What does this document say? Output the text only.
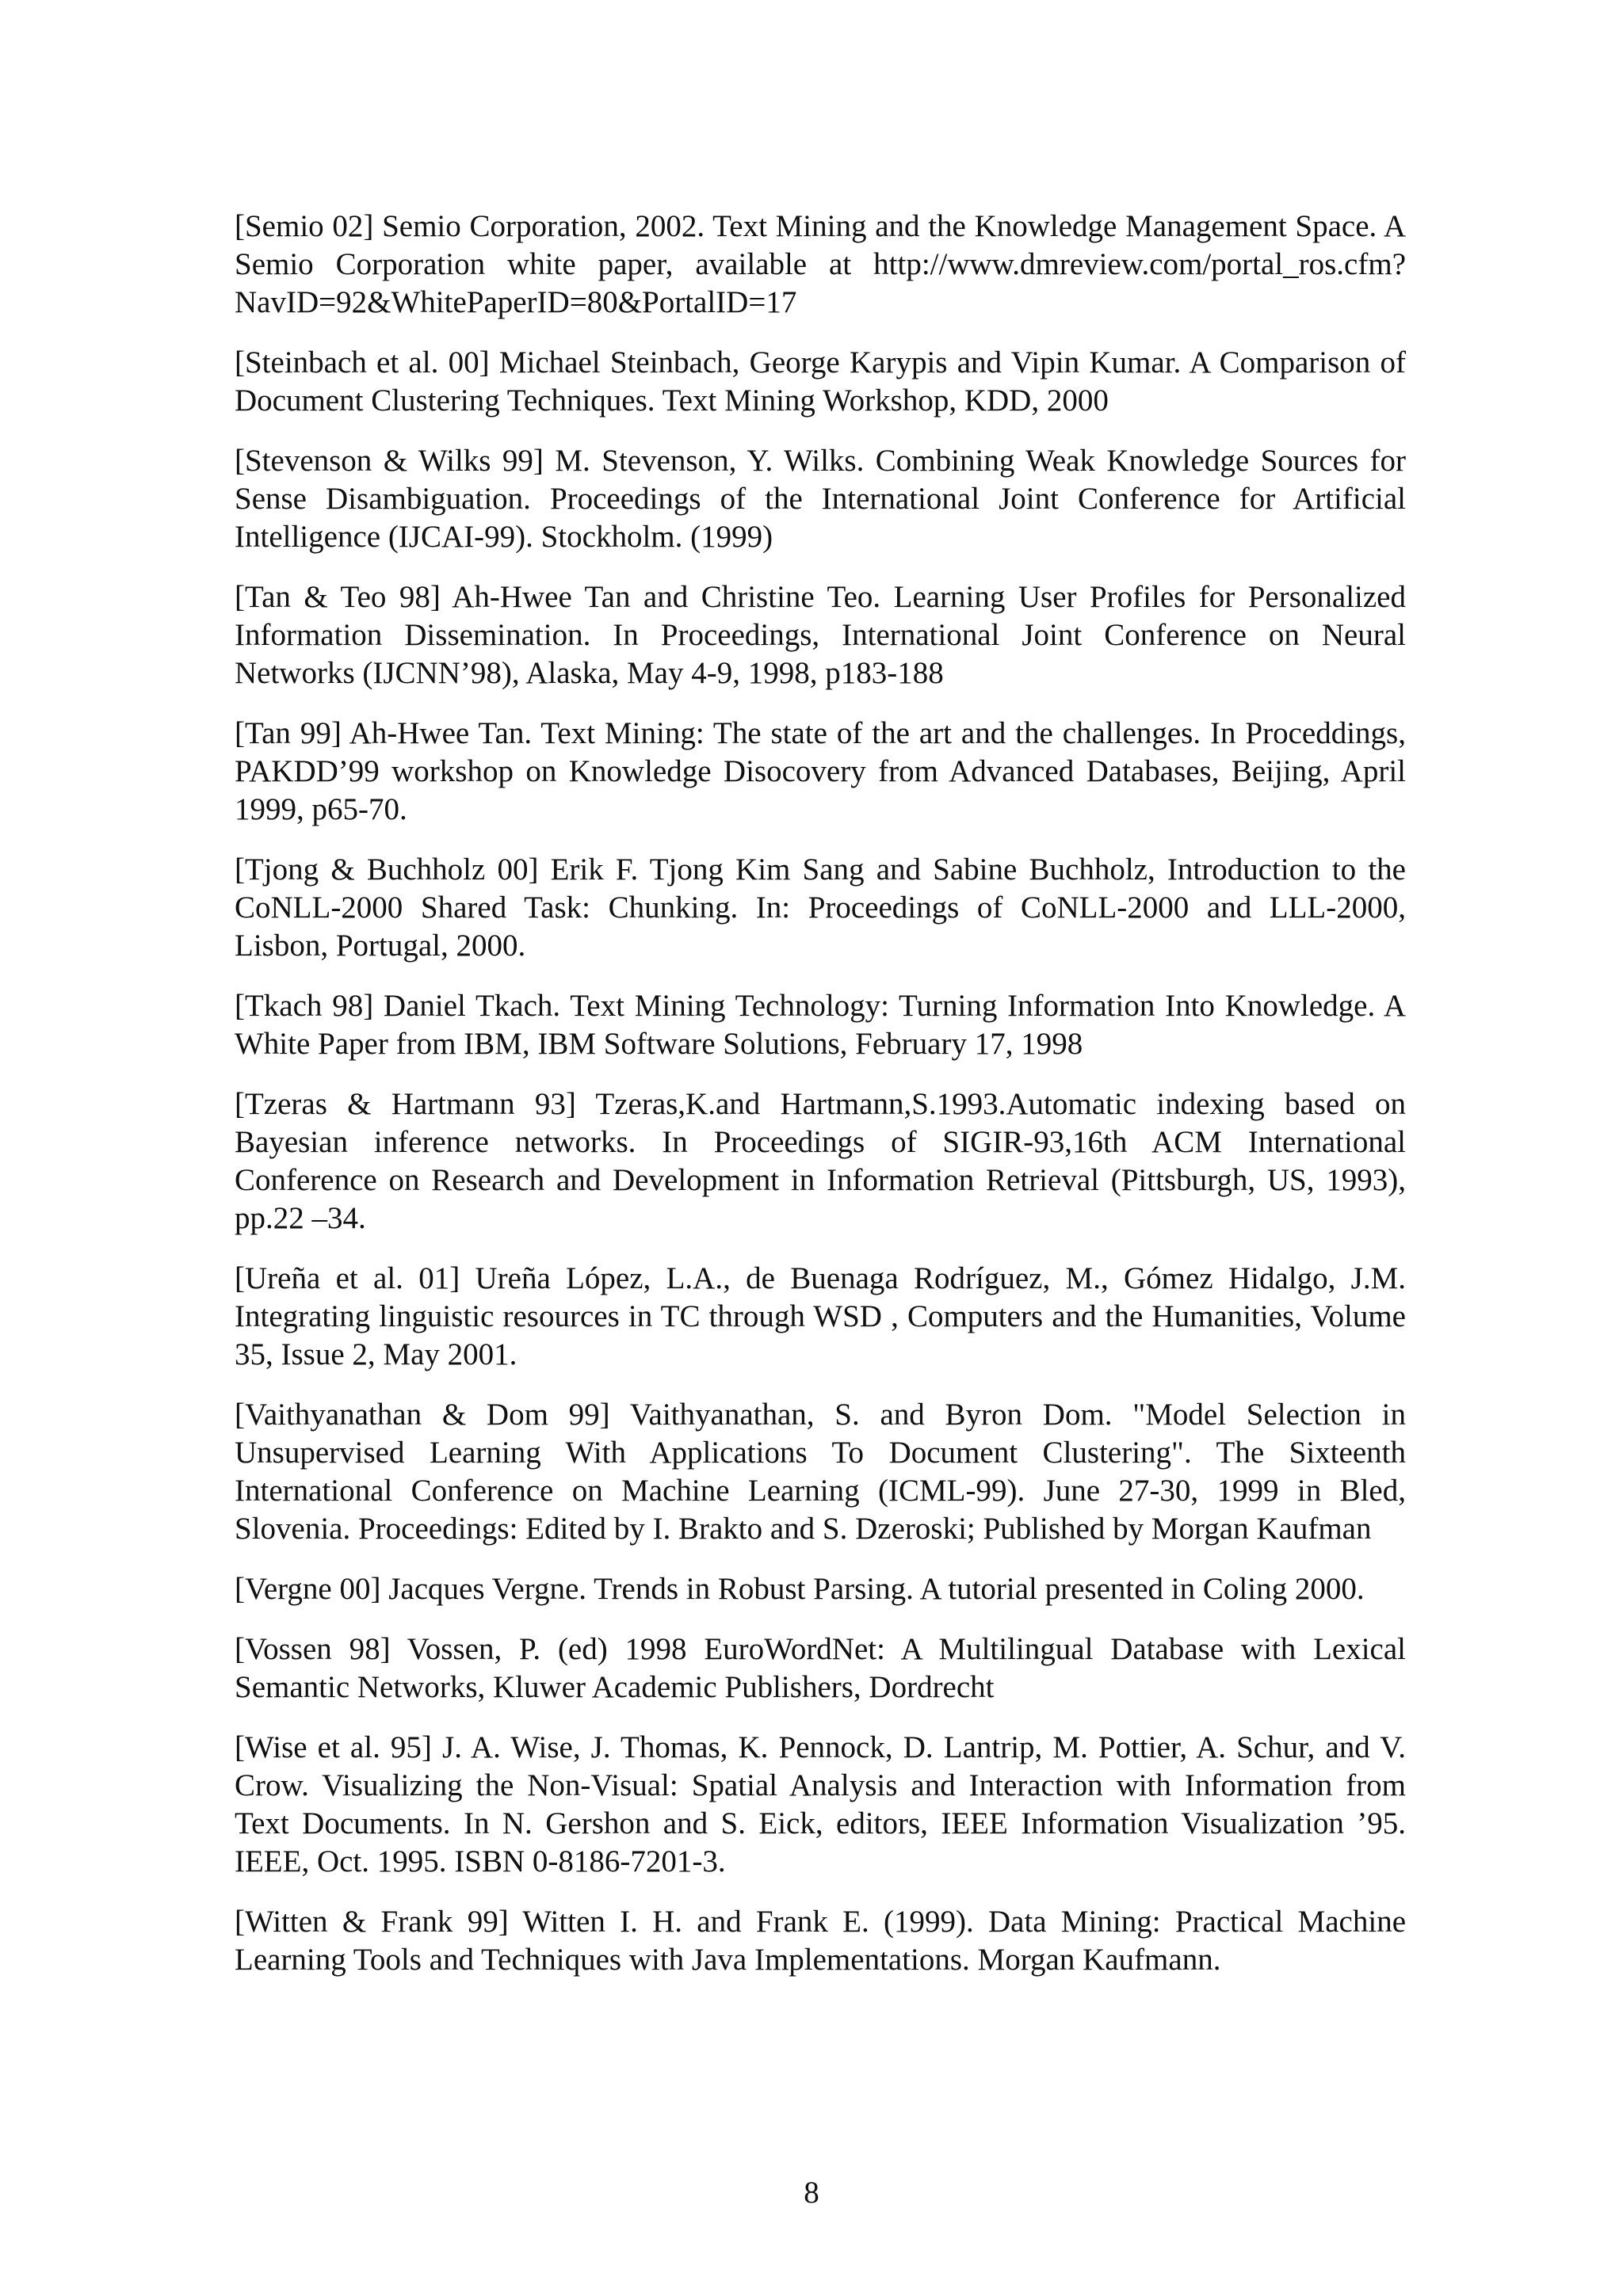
[Semio 02] Semio Corporation, 2002. Text Mining and the Knowledge Management Space. A Semio Corporation white paper, available at http://www.dmreview.com/portal_ros.cfm?NavID=92&WhitePaperID=80&PortalID=17

[Steinbach et al. 00] Michael Steinbach, George Karypis and Vipin Kumar. A Comparison of Document Clustering Techniques. Text Mining Workshop, KDD, 2000

[Stevenson & Wilks 99] M. Stevenson, Y. Wilks. Combining Weak Knowledge Sources for Sense Disambiguation. Proceedings of the International Joint Conference for Artificial Intelligence (IJCAI-99). Stockholm. (1999)

[Tan & Teo 98] Ah-Hwee Tan and Christine Teo. Learning User Profiles for Personalized Information Dissemination. In Proceedings, International Joint Conference on Neural Networks (IJCNN’98), Alaska, May 4-9, 1998, p183-188

[Tan 99] Ah-Hwee Tan. Text Mining: The state of the art and the challenges. In Proceddings, PAKDD’99 workshop on Knowledge Disocovery from Advanced Databases, Beijing, April 1999, p65-70.

[Tjong & Buchholz 00] Erik F. Tjong Kim Sang and Sabine Buchholz, Introduction to the CoNLL-2000 Shared Task: Chunking. In: Proceedings of CoNLL-2000 and LLL-2000, Lisbon, Portugal, 2000.

[Tkach 98] Daniel Tkach. Text Mining Technology: Turning Information Into Knowledge. A White Paper from IBM, IBM Software Solutions, February 17, 1998

[Tzeras & Hartmann 93] Tzeras,K.and Hartmann,S.1993.Automatic indexing based on Bayesian inference networks. In Proceedings of SIGIR-93,16th ACM International Conference on Research and Development in Information Retrieval (Pittsburgh, US, 1993), pp.22 –34.

[Ureña et al. 01] Ureña López, L.A., de Buenaga Rodríguez, M., Gómez Hidalgo, J.M. Integrating linguistic resources in TC through WSD , Computers and the Humanities, Volume 35, Issue 2, May 2001.

[Vaithyanathan & Dom 99] Vaithyanathan, S. and Byron Dom. "Model Selection in Unsupervised Learning With Applications To Document Clustering". The Sixteenth International Conference on Machine Learning (ICML-99). June 27-30, 1999 in Bled, Slovenia. Proceedings: Edited by I. Brakto and S. Dzeroski; Published by Morgan Kaufman

[Vergne 00] Jacques Vergne. Trends in Robust Parsing. A tutorial presented in Coling 2000.

[Vossen 98] Vossen, P. (ed) 1998 EuroWordNet: A Multilingual Database with Lexical Semantic Networks, Kluwer Academic Publishers, Dordrecht

[Wise et al. 95] J. A. Wise, J. Thomas, K. Pennock, D. Lantrip, M. Pottier, A. Schur, and V. Crow. Visualizing the Non-Visual: Spatial Analysis and Interaction with Information from Text Documents. In N. Gershon and S. Eick, editors, IEEE Information Visualization ’95. IEEE, Oct. 1995. ISBN 0-8186-7201-3.

[Witten & Frank 99] Witten I. H. and Frank E. (1999). Data Mining: Practical Machine Learning Tools and Techniques with Java Implementations. Morgan Kaufmann.

8
